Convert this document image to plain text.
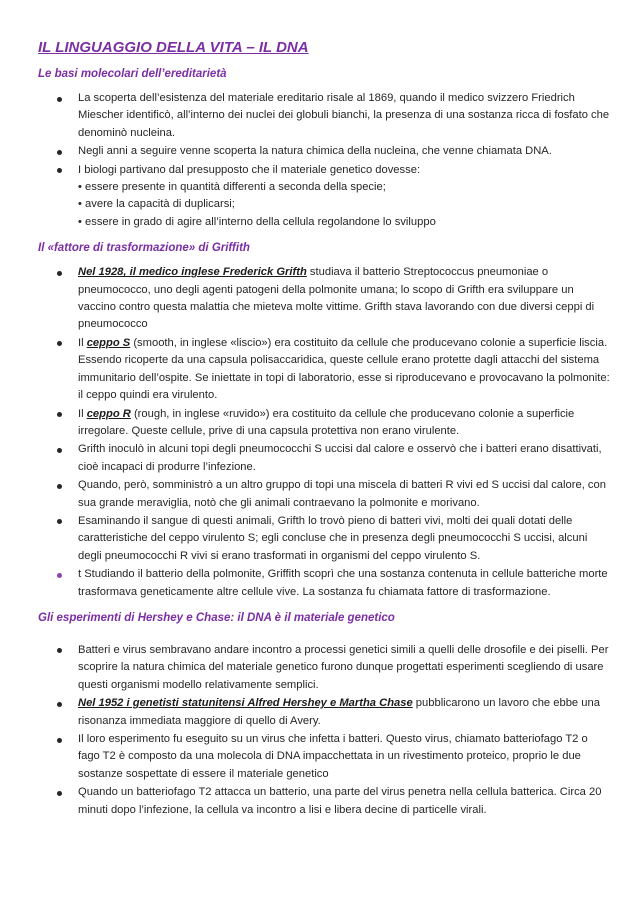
IL LINGUAGGIO DELLA VITA – IL DNA
Le basi molecolari dell’ereditarietà
La scoperta dell’esistenza del materiale ereditario risale al 1869, quando il medico svizzero Friedrich Miescher identificò, all’interno dei nuclei dei globuli bianchi, la presenza di una sostanza ricca di fosfato che denominò nucleina.
Negli anni a seguire venne scoperta la natura chimica della nucleina, che venne chiamata DNA.
I biologi partivano dal presupposto che il materiale genetico dovesse:
• essere presente in quantità differenti a seconda della specie;
• avere la capacità di duplicarsi;
• essere in grado di agire all’interno della cellula regolandone lo sviluppo
Il «fattore di trasformazione» di Griffith
Nel 1928, il medico inglese Frederick Grifth studiava il batterio Streptococcus pneumoniae o pneumococco, uno degli agenti patogeni della polmonite umana; lo scopo di Grifth era sviluppare un vaccino contro questa malattia che mieteva molte vittime. Grifth stava lavorando con due diversi ceppi di pneumococco
Il ceppo S (smooth, in inglese «liscio») era costituito da cellule che producevano colonie a superficie liscia. Essendo ricoperte da una capsula polisaccaridica, queste cellule erano protette dagli attacchi del sistema immunitario dell’ospite. Se iniettate in topi di laboratorio, esse si riproducevano e provocavano la polmonite: il ceppo quindi era virulento.
Il ceppo R (rough, in inglese «ruvido») era costituito da cellule che producevano colonie a superficie irregolare. Queste cellule, prive di una capsula protettiva non erano virulente.
Grifth inoculò in alcuni topi degli pneumococchi S uccisi dal calore e osservò che i batteri erano disattivati, cioè incapaci di produrre l’infezione.
Quando, però, somministrò a un altro gruppo di topi una miscela di batteri R vivi ed S uccisi dal calore, con sua grande meraviglia, notò che gli animali contraevano la polmonite e morivano.
Esaminando il sangue di questi animali, Grifth lo trovò pieno di batteri vivi, molti dei quali dotati delle caratteristiche del ceppo virulento S; egli concluse che in presenza degli pneumococchi S uccisi, alcuni degli pneumococchi R vivi si erano trasformati in organismi del ceppo virulento S.
t Studiando il batterio della polmonite, Griffith scoprì che una sostanza contenuta in cellule batteriche morte trasformava geneticamente altre cellule vive. La sostanza fu chiamata fattore di trasformazione.
Gli esperimenti di Hershey e Chase: il DNA è il materiale genetico
Batteri e virus sembravano andare incontro a processi genetici simili a quelli delle drosofile e dei piselli. Per scoprire la natura chimica del materiale genetico furono dunque progettati esperimenti scegliendo di usare questi organismi modello relativamente semplici.
Nel 1952 i genetisti statunitensi Alfred Hershey e Martha Chase pubblicarono un lavoro che ebbe una risonanza immediata maggiore di quello di Avery.
Il loro esperimento fu eseguito su un virus che infetta i batteri. Questo virus, chiamato batteriofago T2 o fago T2 è composto da una molecola di DNA impacchettata in un rivestimento proteico, proprio le due sostanze sospettate di essere il materiale genetico
Quando un batteriofago T2 attacca un batterio, una parte del virus penetra nella cellula batterica. Circa 20 minuti dopo l’infezione, la cellula va incontro a lisi e libera decine di particelle virali.
